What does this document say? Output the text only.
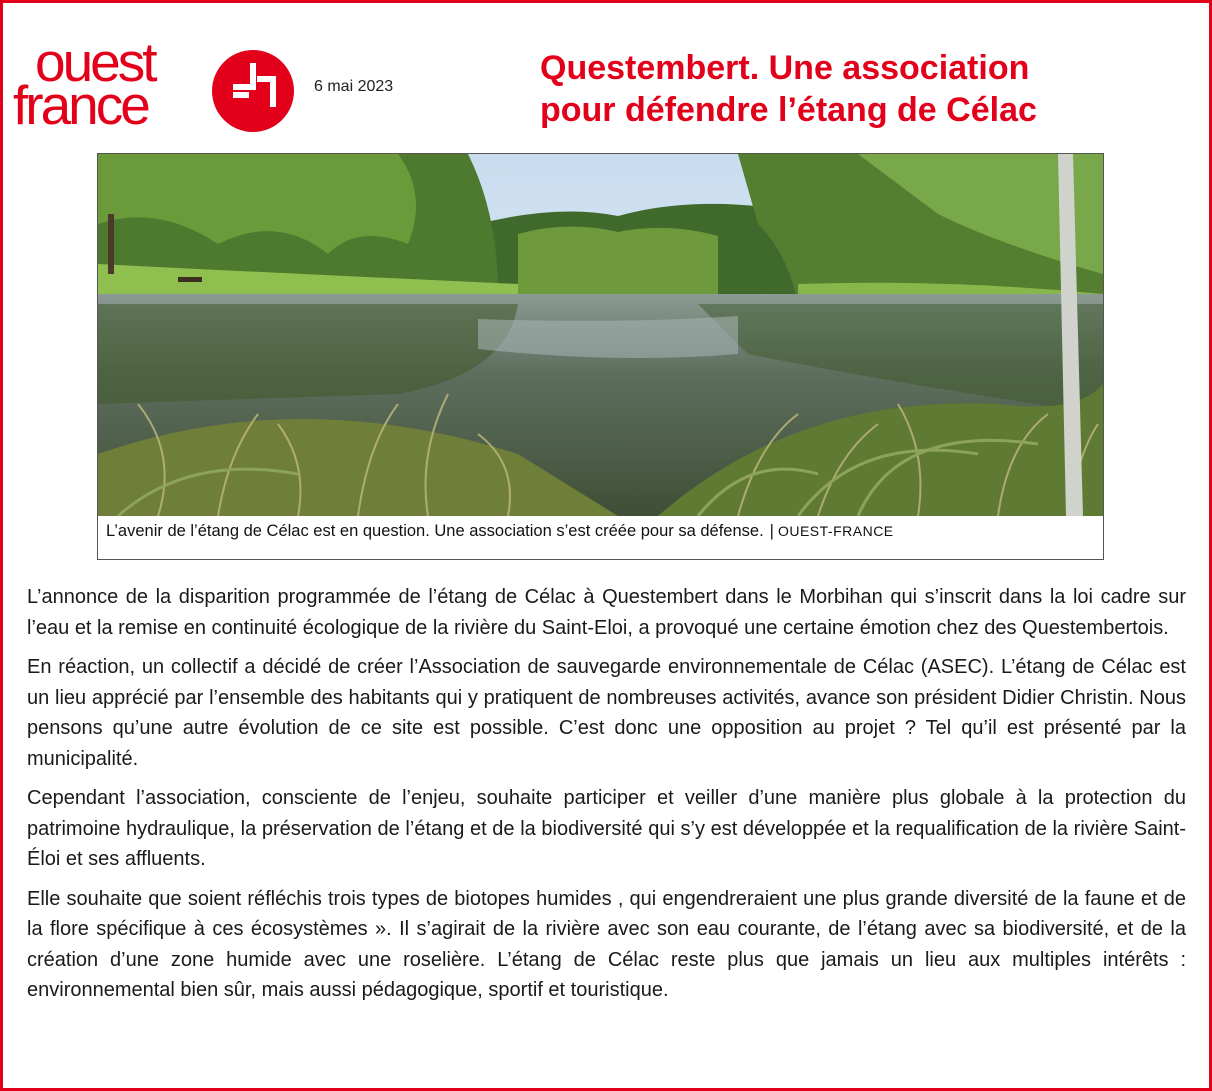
ouest
france	6 mai 2023	Questembert. Une association
pour défendre l’étang de Célac
L’avenir de l’étang de Célac est en question. Une association s’est créée pour sa défense. | OUEST-FRANCE

L’annonce de la disparition programmée de l’étang de Célac à Questembert dans le Morbihan qui s’inscrit dans la loi cadre sur l’eau et la remise en continuité écologique de la rivière du Saint-Eloi, a provoqué une certaine émotion chez des Questembertois.

En réaction, un collectif a décidé de créer l’Association de sauvegarde environnementale de Célac (ASEC). L’étang de Célac est un lieu apprécié par l’ensemble des habitants qui y pratiquent de nombreuses activités, avance son président Didier Christin. Nous pensons qu’une autre évolution de ce site est possible. C’est donc une opposition au projet ? Tel qu’il est présenté par la municipalité.

Cependant l’association, consciente de l’enjeu, souhaite participer et veiller d’une manière plus globale à la protection du patrimoine hydraulique, la préservation de l’étang et de la biodiversité qui s’y est développée et la requalification de la rivière Saint-Éloi et ses affluents.

Elle souhaite que soient réfléchis trois types de biotopes humides , qui engendreraient une plus grande diversité de la faune et de la flore spécifique à ces écosystèmes ». Il s’agirait de la rivière avec son eau courante, de l’étang avec sa biodiversité, et de la création d’une zone humide avec une roselière. L’étang de Célac reste plus que jamais un lieu aux multiples intérêts : environnemental bien sûr, mais aussi pédagogique, sportif et touristique.
